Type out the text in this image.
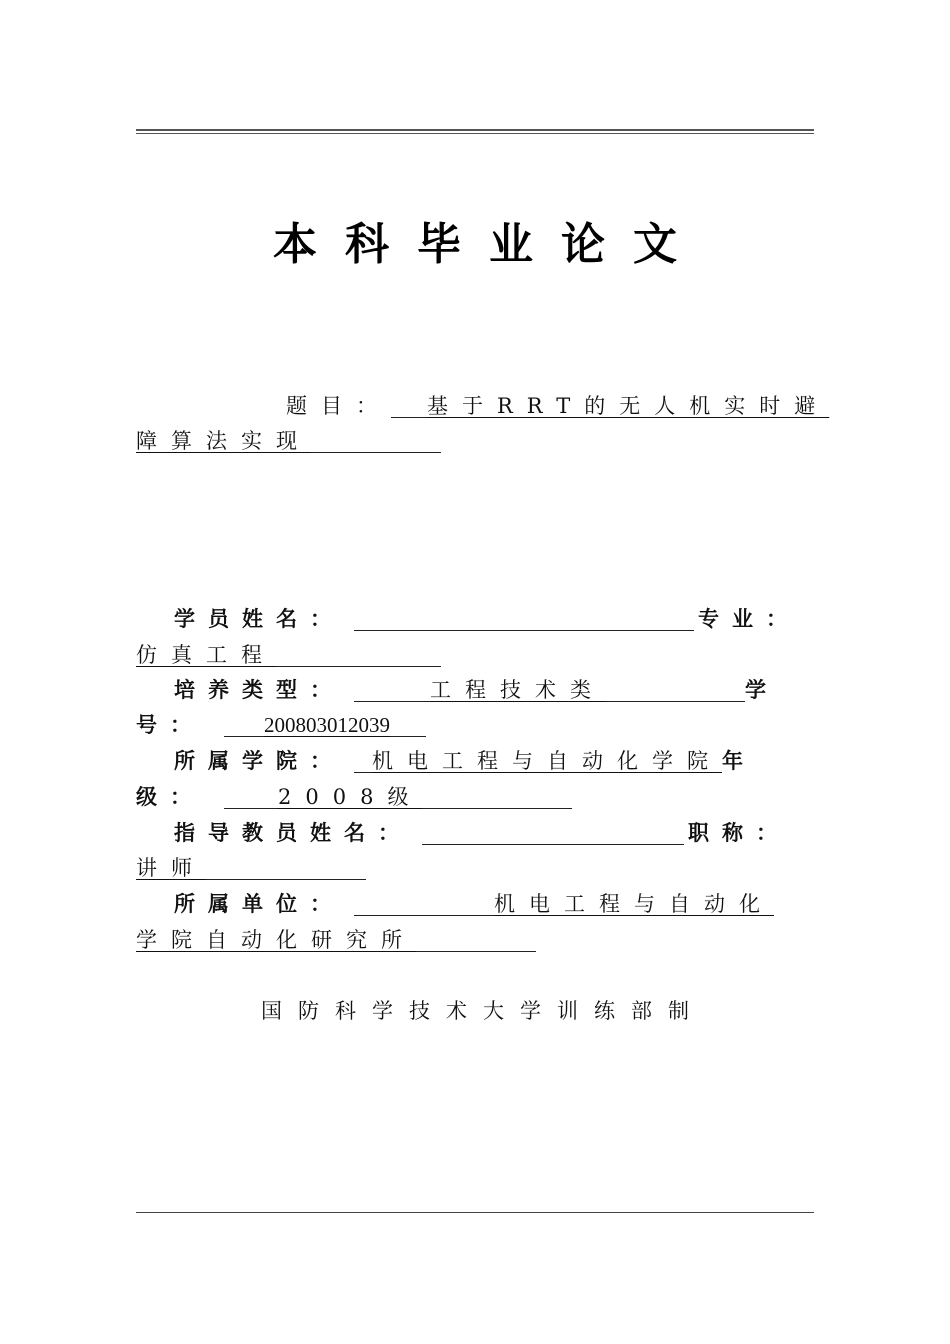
本科毕业论文
题目： 基于RRT的无人机实时避
障算法实现
学员姓名：	专业：
仿真工程
培养类型：	工程技术类	学
号：	200803012039
所属学院： 机电工程与自动化学院年
级：	2008级
指导教员姓名：	职称：
讲师
所属单位：	机电工程与自动化
学院自动化研究所
国防科学技术大学训练部制
